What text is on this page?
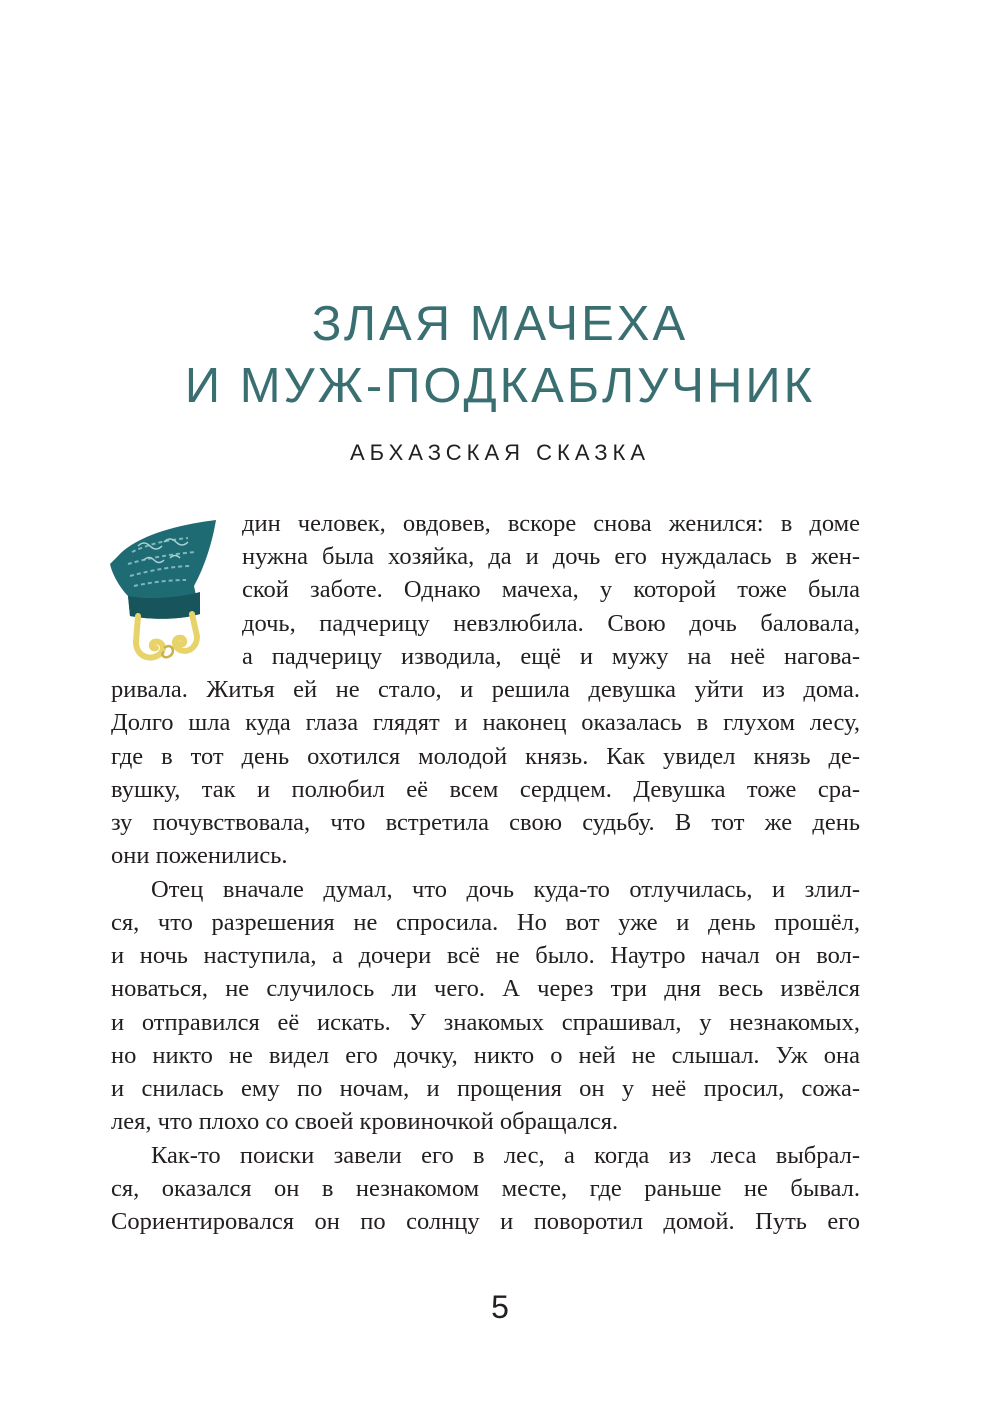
ЗЛАЯ МАЧЕХА
И МУЖ-ПОДКАБЛУЧНИК
АБХАЗСКАЯ СКАЗКА
дин человек, овдовев, вскоре снова женился: в доме
нужна была хозяйка, да и дочь его нуждалась в жен-
ской заботе. Однако мачеха, у которой тоже была
дочь, падчерицу невзлюбила. Свою дочь баловала,
а падчерицу изводила, ещё и мужу на неё нагова-
ривала. Житья ей не стало, и решила девушка уйти из дома.
Долго шла куда глаза глядят и наконец оказалась в глухом лесу,
где в тот день охотился молодой князь. Как увидел князь де-
вушку, так и полюбил её всем сердцем. Девушка тоже сра-
зу почувствовала, что встретила свою судьбу. В тот же день
они поженились.
Отец вначале думал, что дочь куда-то отлучилась, и злил-
ся, что разрешения не спросила. Но вот уже и день прошёл,
и ночь наступила, а дочери всё не было. Наутро начал он вол-
новаться, не случилось ли чего. А через три дня весь извёлся
и отправился её искать. У знакомых спрашивал, у незнакомых,
но никто не видел его дочку, никто о ней не слышал. Уж она
и снилась ему по ночам, и прощения он у неё просил, сожа-
лея, что плохо со своей кровиночкой обращался.
Как-то поиски завели его в лес, а когда из леса выбрал-
ся, оказался он в незнакомом месте, где раньше не бывал.
Сориентировался он по солнцу и поворотил домой. Путь его
5
